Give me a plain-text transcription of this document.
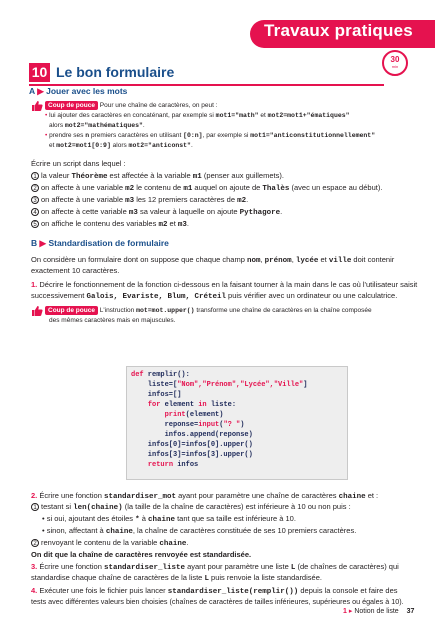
Travaux pratiques
30
min
10 Le bon formulaire
A ▶ Jouer avec les mots
Coup de pouce Pour une chaîne de caractères, on peut :
• lui ajouter des caractères en concaténant, par exemple si mot1="math" et mot2=mot1+"ématiques"
alors mot2="mathématiques".
• prendre ses n premiers caractères en utilisant [0:n], par exemple si mot1="anticonstitutionnellement"
et mot2=mot1[0:9] alors mot2="anticonst".
Écrire un script dans lequel :
1 la valeur Théorème est affectée à la variable m1 (penser aux guillemets).
2 on affecte à une variable m2 le contenu de m1 auquel on ajoute de Thalès (avec un espace au début).
3 on affecte à une variable m3 les 12 premiers caractères de m2.
4 on affecte à cette variable m3 sa valeur à laquelle on ajoute Pythagore.
5 on affiche le contenu des variables m2 et m3.
B ▶ Standardisation de formulaire
On considère un formulaire dont on suppose que chaque champ nom, prénom, lycée et ville doit contenir
exactement 10 caractères.
1. Décrire le fonctionnement de la fonction ci-dessous en la faisant tourner à la main dans le cas où l'utilisateur saisit
successivement Galois, Evariste, Blum, Créteil puis vérifier avec un ordinateur ou une calculatrice.
Coup de pouce L'instruction mot=mot.upper() transforme une chaîne de caractères en la chaîne composée
des mêmes caractères mais en majuscules.
def remplir():
liste=["Nom","Prénom","Lycée","Ville"]
infos=[]
for element in liste:
print(element)
reponse=input("? ")
infos.append(reponse)
infos[0]=infos[0].upper()
infos[3]=infos[3].upper()
return infos
2. Écrire une fonction standardiser_mot ayant pour paramètre une chaîne de caractères chaine et :
1 testant si len(chaine) (la taille de la chaîne de caractères) est inférieure à 10 ou non puis :
• si oui, ajoutant des étoiles * à chaine tant que sa taille est inférieure à 10.
• sinon, affectant à chaine, la chaîne de caractères constituée de ses 10 premiers caractères.
2 renvoyant le contenu de la variable chaine.
On dit que la chaîne de caractères renvoyée est standardisée.
3. Écrire une fonction standardiser_liste ayant pour paramètre une liste L (de chaînes de caractères) qui
standardise chaque chaîne de caractères de la liste L puis renvoie la liste standardisée.
4. Exécuter une fois le fichier puis lancer standardiser_liste(remplir()) depuis la console et faire des
tests avec différentes valeurs bien choisies (chaînes de caractères de tailles inférieures, supérieures ou égales à 10).
1 ▸ Notion de liste 37
